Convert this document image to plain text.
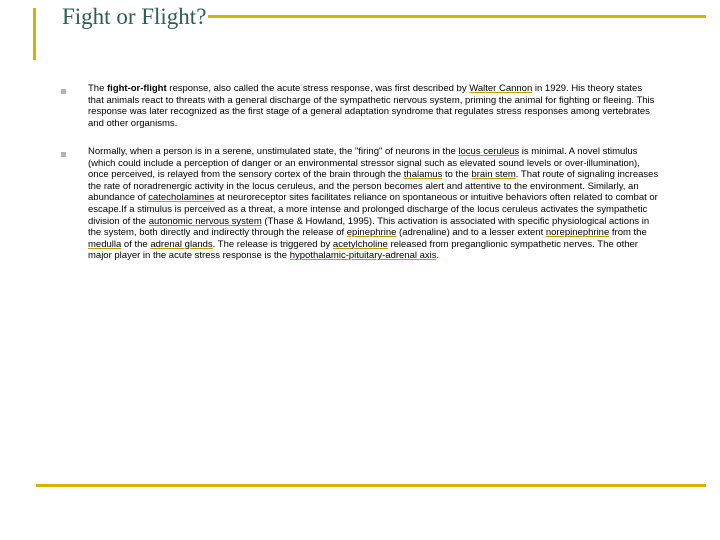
Fight or Flight?
The fight-or-flight response, also called the acute stress response, was first described by Walter Cannon in 1929. His theory states that animals react to threats with a general discharge of the sympathetic nervous system, priming the animal for fighting or fleeing. This response was later recognized as the first stage of a general adaptation syndrome that regulates stress responses among vertebrates and other organisms.
Normally, when a person is in a serene, unstimulated state, the "firing" of neurons in the locus ceruleus is minimal. A novel stimulus (which could include a perception of danger or an environmental stressor signal such as elevated sound levels or over-illumination), once perceived, is relayed from the sensory cortex of the brain through the thalamus to the brain stem. That route of signaling increases the rate of noradrenergic activity in the locus ceruleus, and the person becomes alert and attentive to the environment. Similarly, an abundance of catecholamines at neuroreceptor sites facilitates reliance on spontaneous or intuitive behaviors often related to combat or escape.If a stimulus is perceived as a threat, a more intense and prolonged discharge of the locus ceruleus activates the sympathetic division of the autonomic nervous system (Thase & Howland, 1995). This activation is associated with specific physiological actions in the system, both directly and indirectly through the release of epinephrine (adrenaline) and to a lesser extent norepinephrine from the medulla of the adrenal glands. The release is triggered by acetylcholine released from preganglionic sympathetic nerves. The other major player in the acute stress response is the hypothalamic-pituitary-adrenal axis.
